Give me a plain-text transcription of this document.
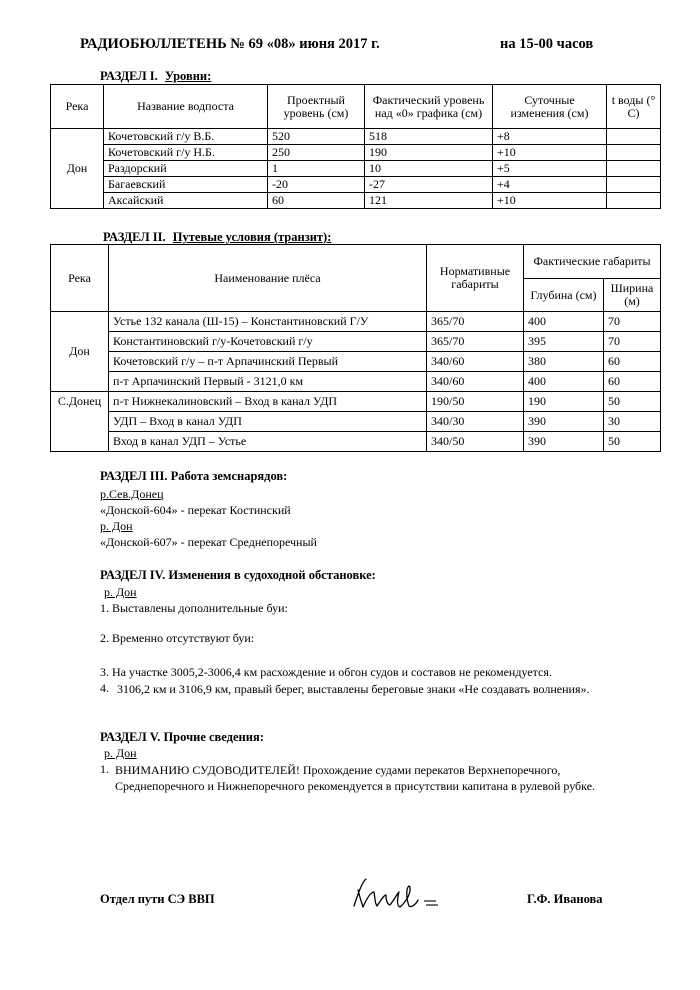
РАДИОБЮЛЛЕТЕНЬ № 69 «08» июня 2017 г.	на 15-00 часов
РАЗДЕЛ I. Уровни:
Река	Название водпоста	Проектный уровень (см)	Фактический уровень над «0» графика (см)	Суточные изменения (см)	t воды (° С)
Дон	Кочетовский г/у В.Б.	520	518	+8	
	Кочетовский г/у Н.Б.	250	190	+10	
	Раздорский	1	10	+5	
	Багаевский	-20	-27	+4	
	Аксайский	60	121	+10	
РАЗДЕЛ II. Путевые условия (транзит):
Река	Наименование плёса	Нормативные габариты	Фактические габариты	
			Глубина (см)	Ширина (м)
Дон	Устье 132 канала (Ш-15) – Константиновский Г/У	365/70	400	70
	Константиновский г/у-Кочетовский г/у	365/70	395	70
	Кочетовский г/у – п-т Арпачинский Первый	340/60	380	60
	п-т Арпачинский Первый - 3121,0 км	340/60	400	60
С.Донец	п-т Нижнекалиновский – Вход в канал УДП	190/50	190	50
	УДП – Вход в канал УДП	340/30	390	30
	Вход в канал УДП – Устье	340/50	390	50
РАЗДЕЛ III. Работа земснарядов:
р.Сев.Донец
«Донской-604» - перекат Костинский
р. Дон
«Донской-607» - перекат Среднепоречный
РАЗДЕЛ IV. Изменения в судоходной обстановке:
р. Дон
1. Выставлены дополнительные буи:
2. Временно отсутствуют буи:
3. На участке 3005,2-3006,4 км расхождение и обгон судов и составов не рекомендуется.
4. 3106,2 км и 3106,9 км, правый берег, выставлены береговые знаки «Не создавать волнения».
РАЗДЕЛ V. Прочие сведения:
р. Дон
1. ВНИМАНИЮ СУДОВОДИТЕЛЕЙ! Прохождение судами перекатов Верхнепоречного, Среднепоречного и Нижнепоречного рекомендуется в присутствии капитана в рулевой рубке.
Отдел пути СЭ ВВП	Г.Ф. Иванова
